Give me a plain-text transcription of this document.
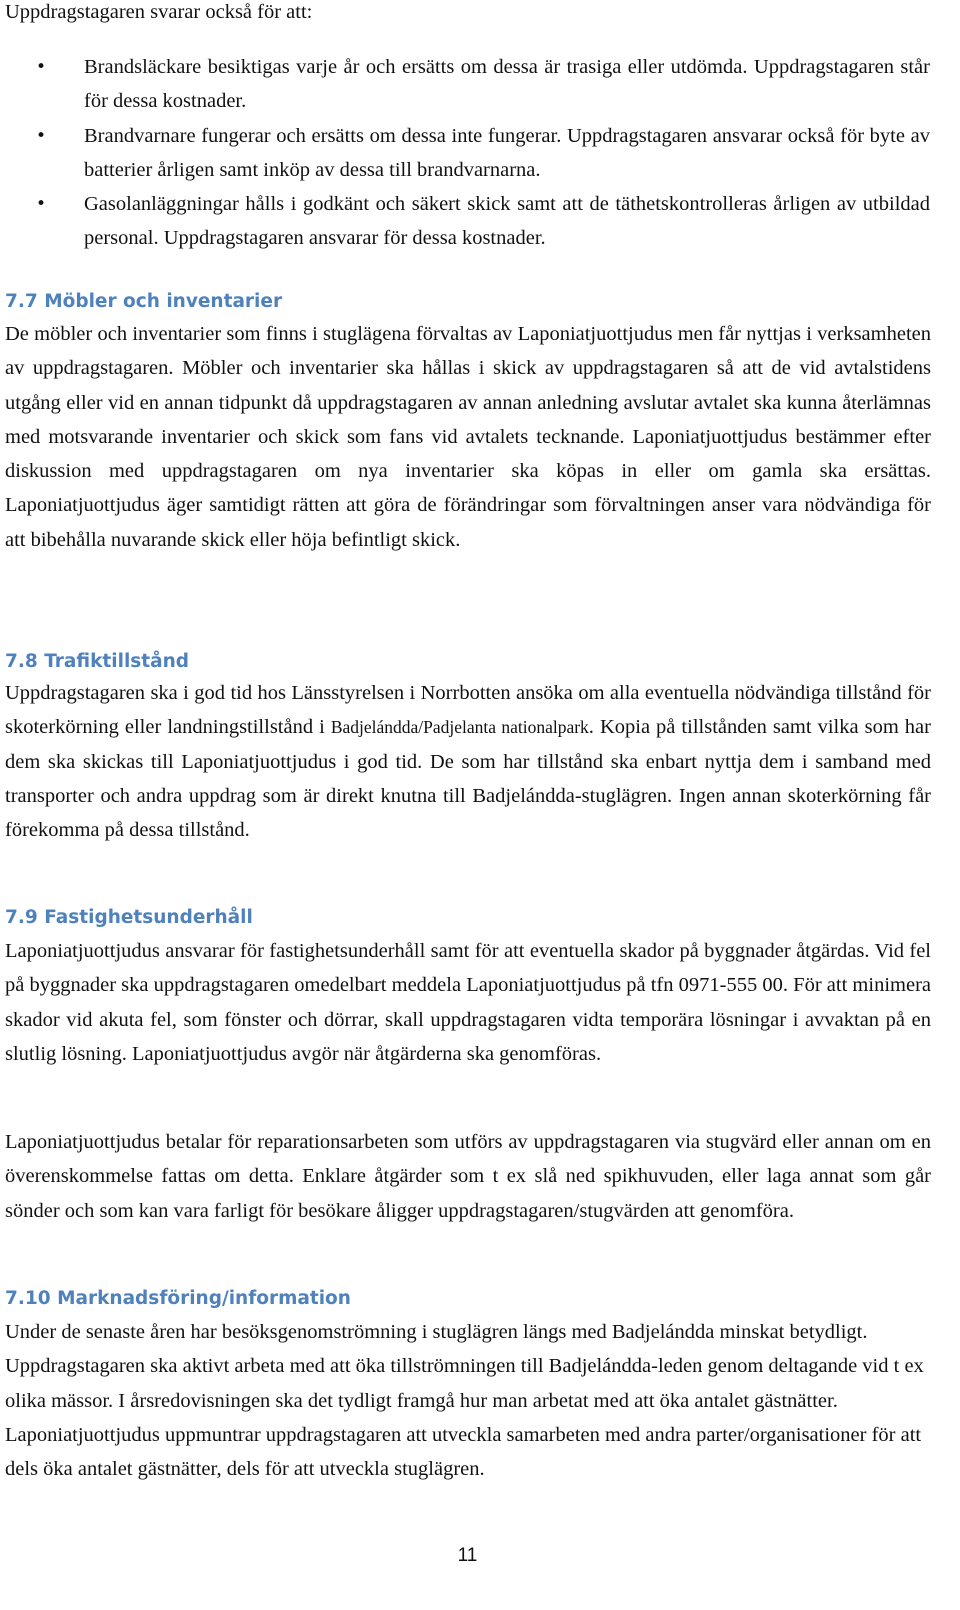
Uppdragstagaren svarar också för att:

• Brandsläckare besiktigas varje år och ersätts om dessa är trasiga eller utdömda. Uppdragstagaren står för dessa kostnader.
• Brandvarnare fungerar och ersätts om dessa inte fungerar. Uppdragstagaren ansvarar också för byte av batterier årligen samt inköp av dessa till brandvarnarna.
• Gasolanläggningar hålls i godkänt och säkert skick samt att de täthetskontrolleras årligen av utbildad personal. Uppdragstagaren ansvarar för dessa kostnader.
7.7 Möbler och inventarier

De möbler och inventarier som finns i stuglägena förvaltas av Laponiatjuottjudus men får nyttjas i verksamheten av uppdragstagaren. Möbler och inventarier ska hållas i skick av uppdragstagaren så att de vid avtalstidens utgång eller vid en annan tidpunkt då uppdragstagaren av annan anledning avslutar avtalet ska kunna återlämnas med motsvarande inventarier och skick som fans vid avtalets tecknande. Laponiatjuottjudus bestämmer efter diskussion med uppdragstagaren om nya inventarier ska köpas in eller om gamla ska ersättas. Laponiatjuottjudus äger samtidigt rätten att göra de förändringar som förvaltningen anser vara nödvändiga för att bibehålla nuvarande skick eller höja befintligt skick.

7.8 Trafiktillstånd

Uppdragstagaren ska i god tid hos Länsstyrelsen i Norrbotten ansöka om alla eventuella nödvändiga tillstånd för skoterkörning eller landningstillstånd i Badjelándda/Padjelanta nationalpark. Kopia på tillstånden samt vilka som har dem ska skickas till Laponiatjuottjudus i god tid. De som har tillstånd ska enbart nyttja dem i samband med transporter och andra uppdrag som är direkt knutna till Badjelándda-stuglägren. Ingen annan skoterkörning får förekomma på dessa tillstånd.

7.9 Fastighetsunderhåll

Laponiatjuottjudus ansvarar för fastighetsunderhåll samt för att eventuella skador på byggnader åtgärdas. Vid fel på byggnader ska uppdragstagaren omedelbart meddela Laponiatjuottjudus på tfn 0971-555 00. För att minimera skador vid akuta fel, som fönster och dörrar, skall uppdragstagaren vidta temporära lösningar i avvaktan på en slutlig lösning. Laponiatjuottjudus avgör när åtgärderna ska genomföras.

Laponiatjuottjudus betalar för reparationsarbeten som utförs av uppdragstagaren via stugvärd eller annan om en överenskommelse fattas om detta. Enklare åtgärder som t ex slå ned spikhuvuden, eller laga annat som går sönder och som kan vara farligt för besökare åligger uppdragstagaren/stugvärden att genomföra.

7.10 Marknadsföring/information

Under de senaste åren har besöksgenomströmning i stuglägren längs med Badjelándda minskat betydligt. Uppdragstagaren ska aktivt arbeta med att öka tillströmningen till Badjelándda-leden genom deltagande vid t ex olika mässor. I årsredovisningen ska det tydligt framgå hur man arbetat med att öka antalet gästnätter. Laponiatjuottjudus uppmuntrar uppdragstagaren att utveckla samarbeten med andra parter/organisationer för att dels öka antalet gästnätter, dels för att utveckla stuglägren.

11
